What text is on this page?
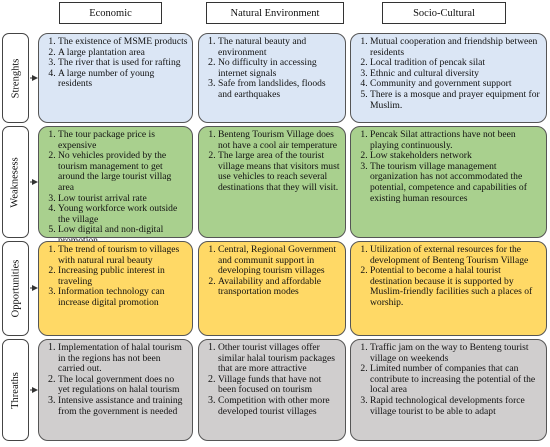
Economic	Natural Environment	Socio-Cultural
Strenghts
Weaknesess
Opportunities
Threaths
1. The existence of MSME products
2. A large plantation area
3. The river that is used for rafting
4. A large number of young residents
1. The natural beauty and environment
2. No difficulty in accessing internet signals
3. Safe from landslides, floods and earthquakes
1. Mutual cooperation and friendship between residents
2. Local tradition of pencak silat
3. Ethnic and cultural diversity
4. Community and government support
5. There is a mosque and prayer equipment for Muslim.
1. The tour package price is expensive
2. No vehicles provided by the tourism management to get around the large tourist villag area
3. Low tourist arrival rate
4. Young workforce work outside the village
5. Low digital and non-digital
1. Benteng Tourism Village does not have a cool air temperature
2. The large area of the tourist village means that visitors must use vehicles to reach several destinations that they will visit.
1. Pencak Silat attractions have not been playing continuously.
2. Low stakeholders network
3. The tourism village management organization has not accommodated the potential, competence and capabilities of existing human resources
1. The trend of tourism to villages with natural rural beauty
2. Increasing public interest in traveling
3. Information technology can increase digital promotion
1. Central, Regional Government and communit support in developing tourism villages
2. Availability and affordable transportation modes
1. Utilization of external resources for the development of Benteng Tourism Village
2. Potential to become a halal tourist destination because it is supported by Muslim-friendly facilities such a places of worship.
1. Implementation of halal tourism in the regions has not been carried out.
2. The local government does no yet regulations on halal tourism
3. Intensive assistance and training from the government is needed
1. Other tourist villages offer similar halal tourism packages that are more attractive
2. Village funds that have not been focused on tourism
3. Competition with other more developed tourist villages
1. Traffic jam on the way to Benteng tourist village on weekends
2. Limited number of companies that can contribute to increasing the potential of the local area
3. Rapid technological developments force village tourist to be able to adapt
